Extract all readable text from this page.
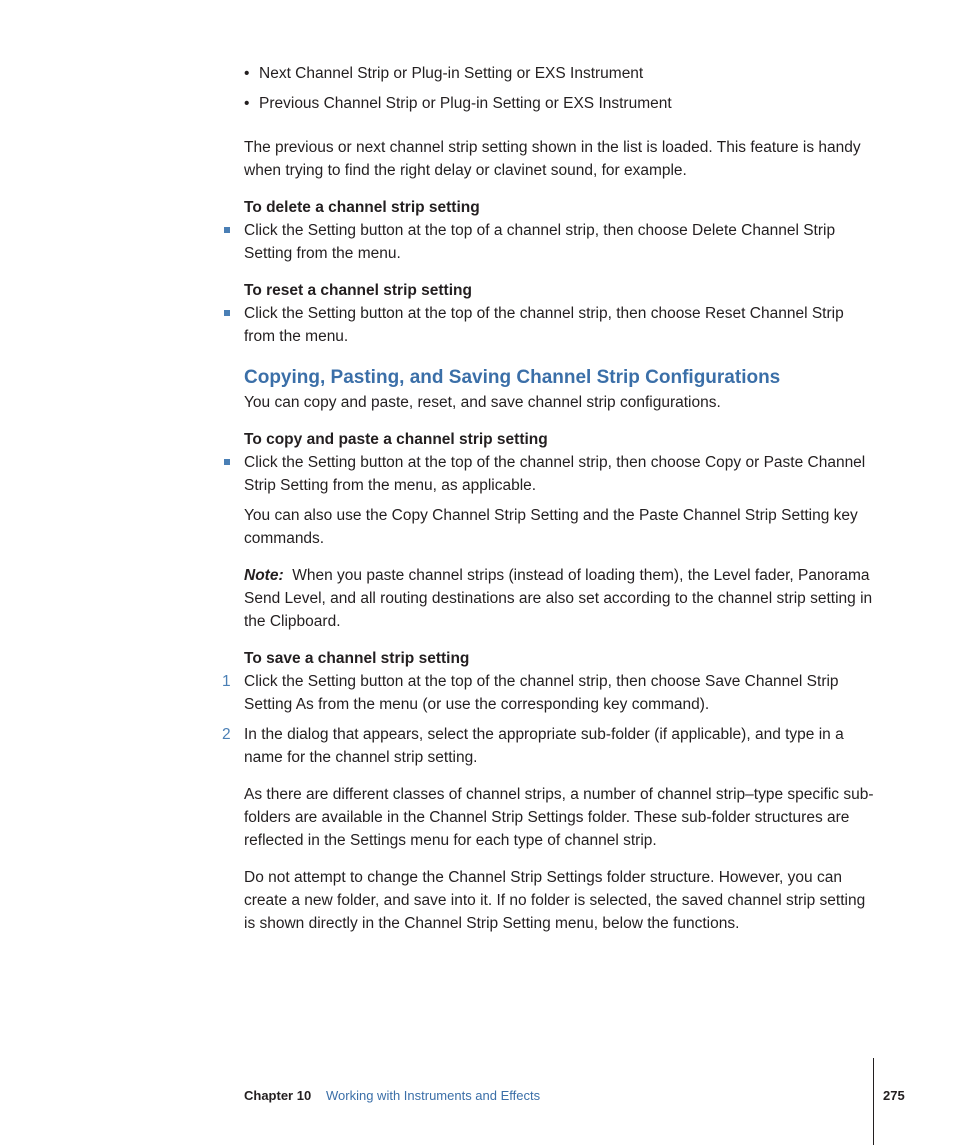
• Next Channel Strip or Plug-in Setting or EXS Instrument
• Previous Channel Strip or Plug-in Setting or EXS Instrument

The previous or next channel strip setting shown in the list is loaded. This feature is handy when trying to find the right delay or clavinet sound, for example.

To delete a channel strip setting

Click the Setting button at the top of a channel strip, then choose Delete Channel Strip Setting from the menu.

To reset a channel strip setting

Click the Setting button at the top of the channel strip, then choose Reset Channel Strip from the menu.

Copying, Pasting, and Saving Channel Strip Configurations

You can copy and paste, reset, and save channel strip configurations.

To copy and paste a channel strip setting

Click the Setting button at the top of the channel strip, then choose Copy or Paste Channel Strip Setting from the menu, as applicable.

You can also use the Copy Channel Strip Setting and the Paste Channel Strip Setting key commands.

Note: When you paste channel strips (instead of loading them), the Level fader, Panorama Send Level, and all routing destinations are also set according to the channel strip setting in the Clipboard.

To save a channel strip setting
1 Click the Setting button at the top of the channel strip, then choose Save Channel Strip Setting As from the menu (or use the corresponding key command).

2 In the dialog that appears, select the appropriate sub-folder (if applicable), and type in a name for the channel strip setting.

As there are different classes of channel strips, a number of channel strip–type specific sub-folders are available in the Channel Strip Settings folder. These sub-folder structures are reflected in the Settings menu for each type of channel strip.

Do not attempt to change the Channel Strip Settings folder structure. However, you can create a new folder, and save into it. If no folder is selected, the saved channel strip setting is shown directly in the Channel Strip Setting menu, below the functions.

Chapter 10 Working with Instruments and Effects	275
